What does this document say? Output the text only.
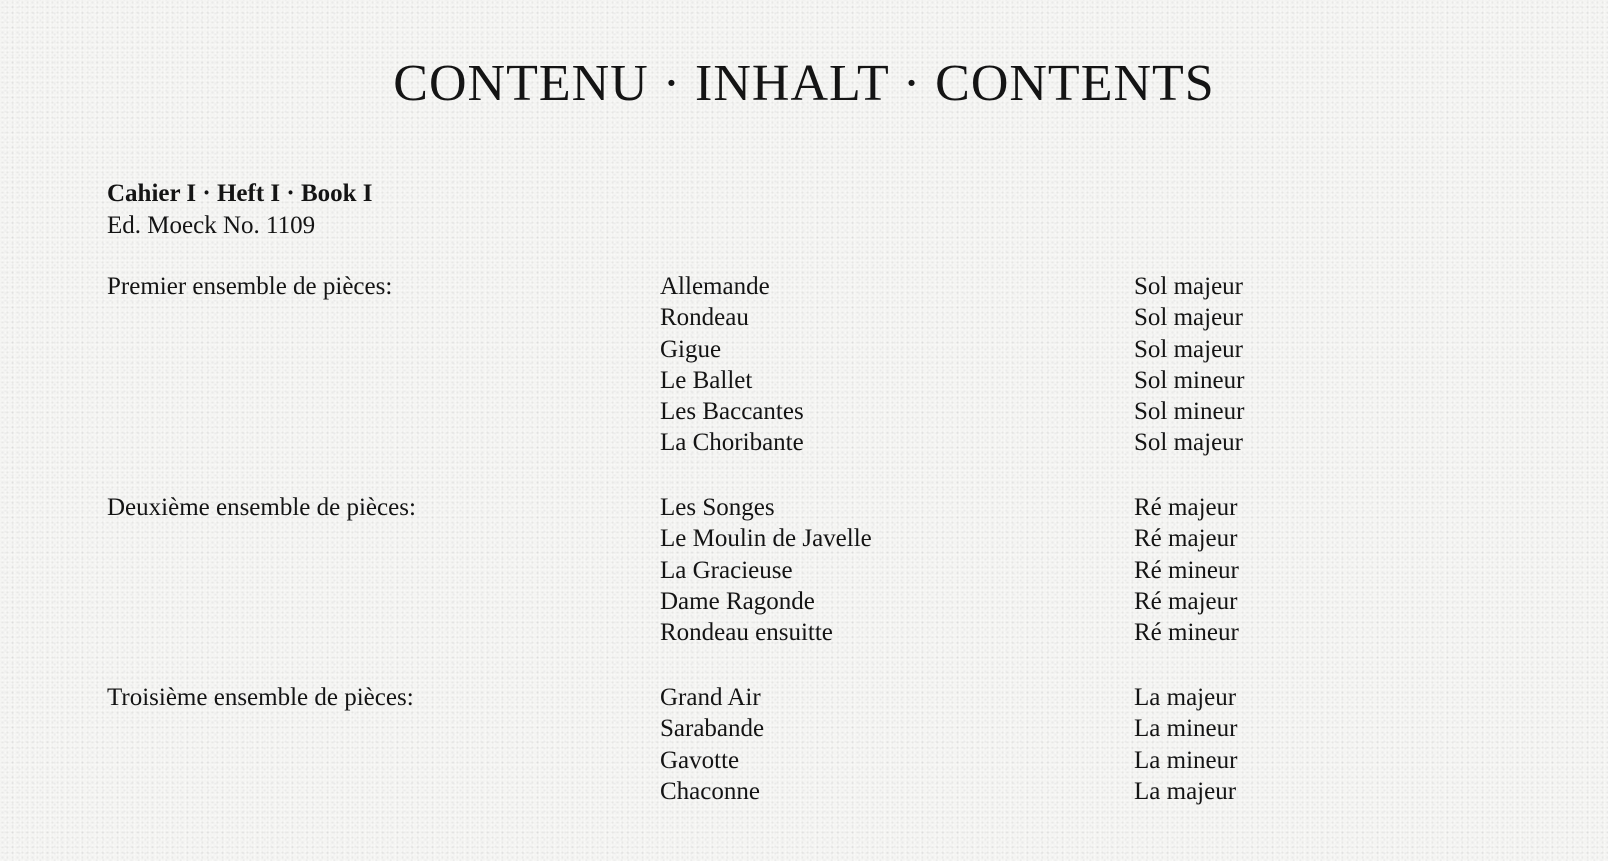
CONTENU · INHALT · CONTENTS
Cahier I · Heft I · Book I
Ed. Moeck No. 1109
Premier ensemble de pièces:	Allemande	Sol majeur
Rondeau	Sol majeur
Gigue	Sol majeur
Le Ballet	Sol mineur
Les Baccantes	Sol mineur
La Choribante	Sol majeur
Deuxième ensemble de pièces:	Les Songes	Ré majeur
Le Moulin de Javelle	Ré majeur
La Gracieuse	Ré mineur
Dame Ragonde	Ré majeur
Rondeau ensuitte	Ré mineur
Troisième ensemble de pièces:	Grand Air	La majeur
Sarabande	La mineur
Gavotte	La mineur
Chaconne	La majeur
